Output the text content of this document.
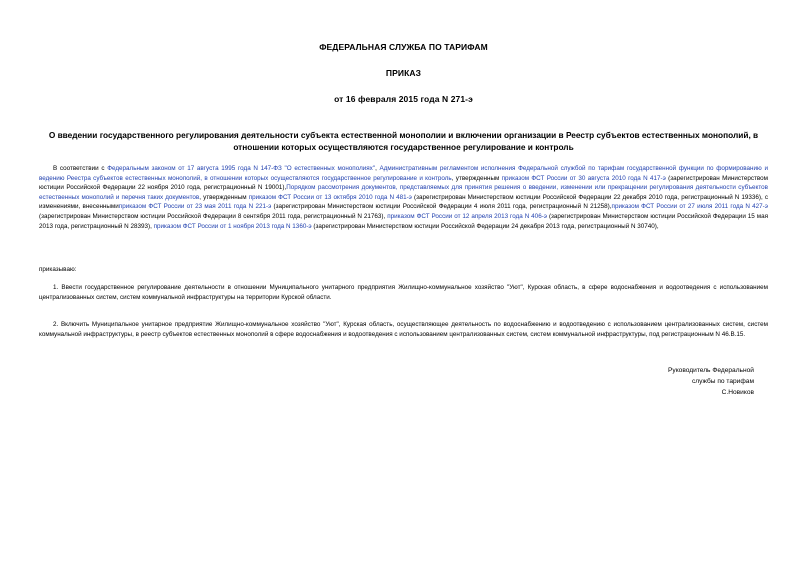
ФЕДЕРАЛЬНАЯ СЛУЖБА ПО ТАРИФАМ
ПРИКАЗ
от 16 февраля 2015 года N 271-э
О введении государственного регулирования деятельности субъекта естественной монополии и включении организации в Реестр субъектов естественных монополий, в отношении которых осуществляются государственное регулирование и контроль
В соответствии с Федеральным законом от 17 августа 1995 года N 147-ФЗ "О естественных монополиях", Административным регламентом исполнения Федеральной службой по тарифам государственной функции по формированию и ведению Реестра субъектов естественных монополий, в отношении которых осуществляются государственное регулирование и контроль, утвержденным приказом ФСТ России от 30 августа 2010 года N 417-э (зарегистрирован Министерством юстиции Российской Федерации 22 ноября 2010 года, регистрационный N 19001),Порядком рассмотрения документов, представляемых для принятия решения о введении, изменении или прекращении регулирования деятельности субъектов естественных монополий и перечня таких документов, утвержденным приказом ФСТ России от 13 октября 2010 года N 481-э (зарегистрирован Министерством юстиции Российской Федерации 22 декабря 2010 года, регистрационный N 19336), с изменениями, внесеннымиприказом ФСТ России от 23 мая 2011 года N 221-э (зарегистрирован Министерством юстиции Российской Федерации 4 июля 2011 года, регистрационный N 21258),приказом ФСТ России от 27 июля 2011 года N 427-э (зарегистрирован Министерством юстиции Российской Федерации 8 сентября 2011 года, регистрационный N 21763), приказом ФСТ России от 12 апреля 2013 года N 406-э (зарегистрирован Министерством юстиции Российской Федерации 15 мая 2013 года, регистрационный N 28393), приказом ФСТ России от 1 ноября 2013 года N 1360-э (зарегистрирован Министерством юстиции Российской Федерации 24 декабря 2013 года, регистрационный N 30740),
приказываю:
1. Ввести государственное регулирование деятельности в отношении Муниципального унитарного предприятия Жилищно-коммунальное хозяйство "Уют", Курская область, в сфере водоснабжения и водоотведения с использованием централизованных систем, систем коммунальной инфраструктуры на территории Курской области.
2. Включить Муниципальное унитарное предприятие Жилищно-коммунальное хозяйство "Уют", Курская область, осуществляющее деятельность по водоснабжению и водоотведению с использованием централизованных систем, систем коммунальной инфраструктуры, в реестр субъектов естественных монополий в сфере водоснабжения и водоотведения с использованием централизованных систем, систем коммунальной инфраструктуры, под регистрационным N 46.В.15.
Руководитель Федеральной
службы по тарифам
С.Новиков
